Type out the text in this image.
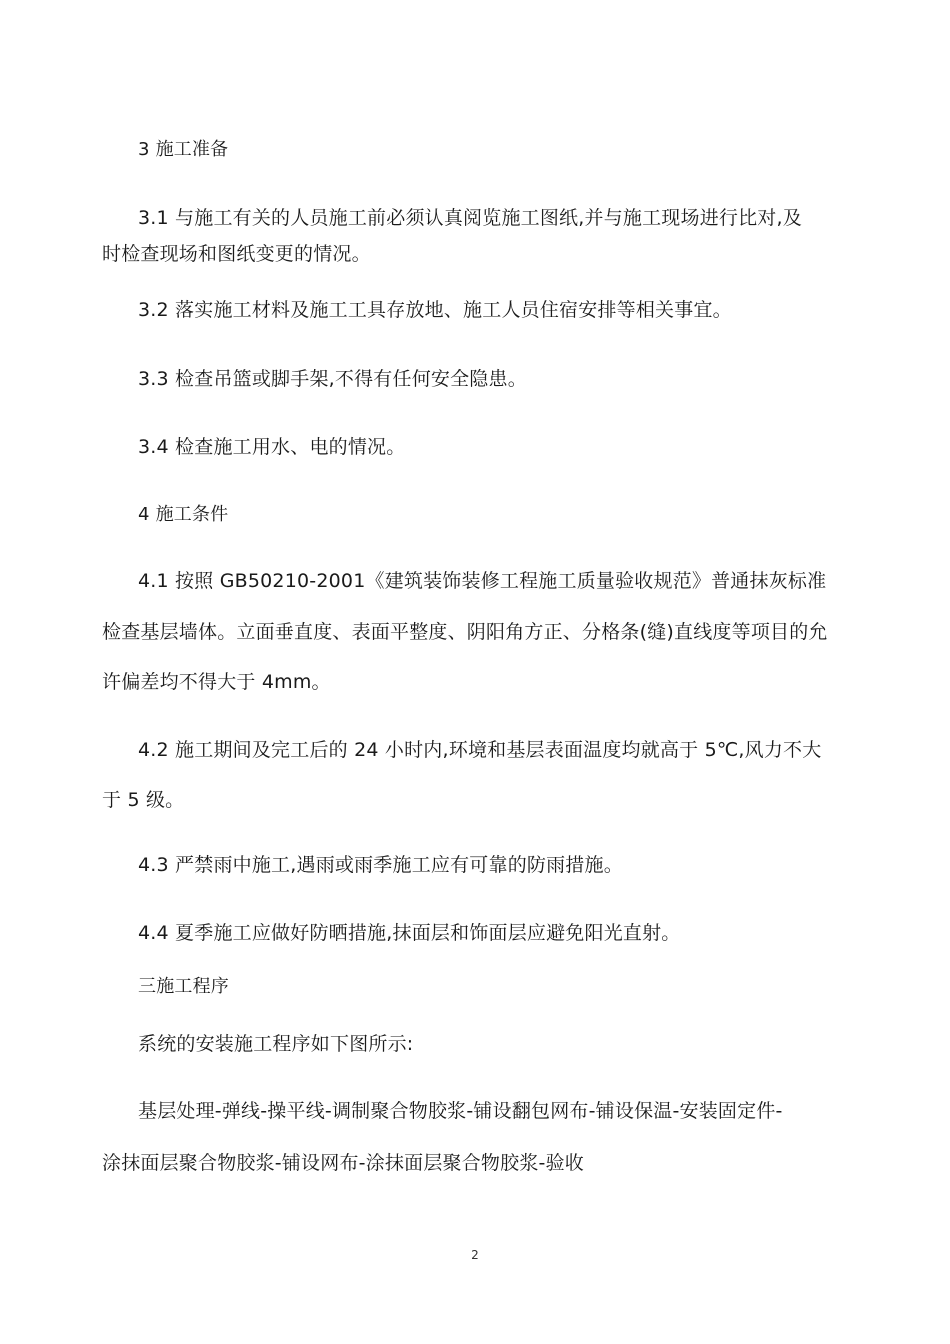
3 施工准备
3.1 与施工有关的人员施工前必须认真阅览施工图纸,并与施工现场进行比对,及
时检查现场和图纸变更的情况。
3.2 落实施工材料及施工工具存放地、施工人员住宿安排等相关事宜。
3.3 检查吊篮或脚手架,不得有任何安全隐患。
3.4 检查施工用水、电的情况。
4 施工条件
4.1 按照 GB50210-2001《建筑装饰装修工程施工质量验收规范》普通抹灰标准
检查基层墙体。立面垂直度、表面平整度、阴阳角方正、分格条(缝)直线度等项目的允
许偏差均不得大于 4mm。
4.2 施工期间及完工后的 24 小时内,环境和基层表面温度均就高于 5℃,风力不大
于 5 级。
4.3 严禁雨中施工,遇雨或雨季施工应有可靠的防雨措施。
4.4 夏季施工应做好防晒措施,抹面层和饰面层应避免阳光直射。
三施工程序
系统的安装施工程序如下图所示:
基层处理-弹线-操平线-调制聚合物胶浆-铺设翻包网布-铺设保温-安装固定件-
涂抹面层聚合物胶浆-铺设网布-涂抹面层聚合物胶浆-验收
2
